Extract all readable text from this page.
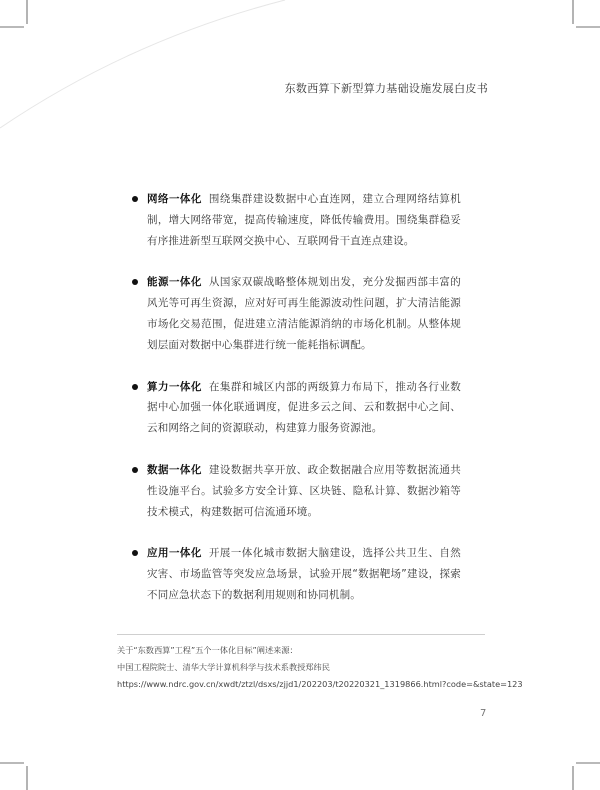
东数西算下新型算力基础设施发展白皮书
网络一体化 围绕集群建设数据中心直连网，建立合理网络结算机制，增大网络带宽，提高传输速度，降低传输费用。围绕集群稳妥有序推进新型互联网交换中心、互联网骨干直连点建设。
能源一体化 从国家双碳战略整体规划出发，充分发掘西部丰富的风光等可再生资源，应对好可再生能源波动性问题，扩大清洁能源市场化交易范围，促进建立清洁能源消纳的市场化机制。从整体规划层面对数据中心集群进行统一能耗指标调配。
算力一体化 在集群和城区内部的两级算力布局下，推动各行业数据中心加强一体化联通调度，促进多云之间、云和数据中心之间、云和网络之间的资源联动，构建算力服务资源池。
数据一体化 建设数据共享开放、政企数据融合应用等数据流通共性设施平台。试验多方安全计算、区块链、隐私计算、数据沙箱等技术模式，构建数据可信流通环境。
应用一体化 开展一体化城市数据大脑建设，选择公共卫生、自然灾害、市场监管等突发应急场景，试验开展“数据靶场”建设，探索不同应急状态下的数据利用规则和协同机制。
关于“东数西算”工程”五个一体化目标”阐述来源：
中国工程院院士、清华大学计算机科学与技术系教授郑纬民
https://www.ndrc.gov.cn/xwdt/ztzl/dsxs/zjjd1/202203/t20220321_1319866.html?code=&state=123
7
